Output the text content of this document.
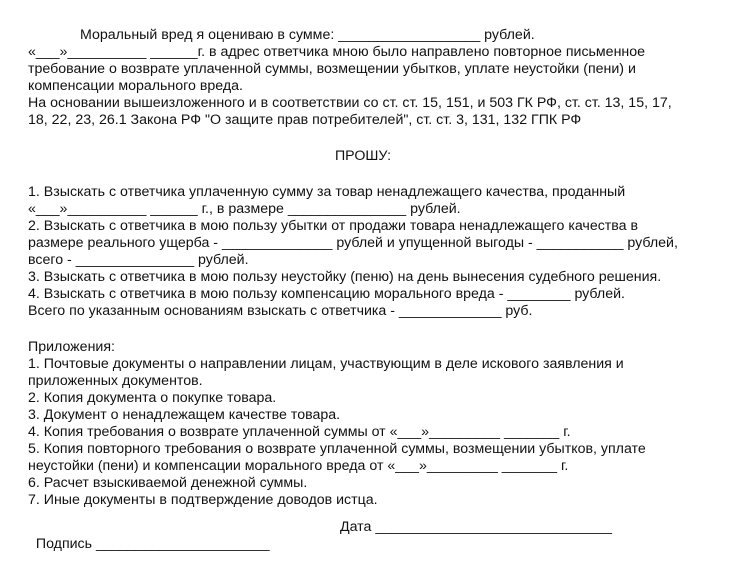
Моральный вред я оцениваю в сумме: __________________ рублей.
«___»__________ ______г. в адрес ответчика мною было направлено повторное письменное
требование о возврате уплаченной суммы, возмещении убытков, уплате неустойки (пени) и
компенсации морального вреда.
На основании вышеизложенного и в соответствии со ст. ст. 15, 151, и 503 ГК РФ, ст. ст. 13, 15, 17,
18, 22, 23, 26.1 Закона РФ "О защите прав потребителей", ст. ст. 3, 131, 132 ГПК РФ
ПРОШУ:
1. Взыскать с ответчика уплаченную сумму за товар ненадлежащего качества, проданный
«___»__________ ______ г., в размере _______________ рублей.
2. Взыскать с ответчика в мою пользу убытки от продажи товара ненадлежащего качества в
размере реального ущерба - ______________ рублей и упущенной выгоды - ___________ рублей,
всего - _______________ рублей.
3. Взыскать с ответчика в мою пользу неустойку (пеню) на день вынесения судебного решения.
4. Взыскать с ответчика в мою пользу компенсацию морального вреда - ________ рублей.
Всего по указанным основаниям взыскать с ответчика - _____________ руб.
Приложения:
1. Почтовые документы о направлении лицам, участвующим в деле искового заявления и
приложенных документов.
2. Копия документа о покупке товара.
3. Документ о ненадлежащем качестве товара.
4. Копия требования о возврате уплаченной суммы от «___»_________ _______ г.
5. Копия повторного требования о возврате уплаченной суммы, возмещении убытков, уплате
неустойки (пени) и компенсации морального вреда от «___»_________ _______ г.
6. Расчет взыскиваемой денежной суммы.
7. Иные документы в подтверждение доводов истца.

Подпись ______________________

Дата ______________________________
